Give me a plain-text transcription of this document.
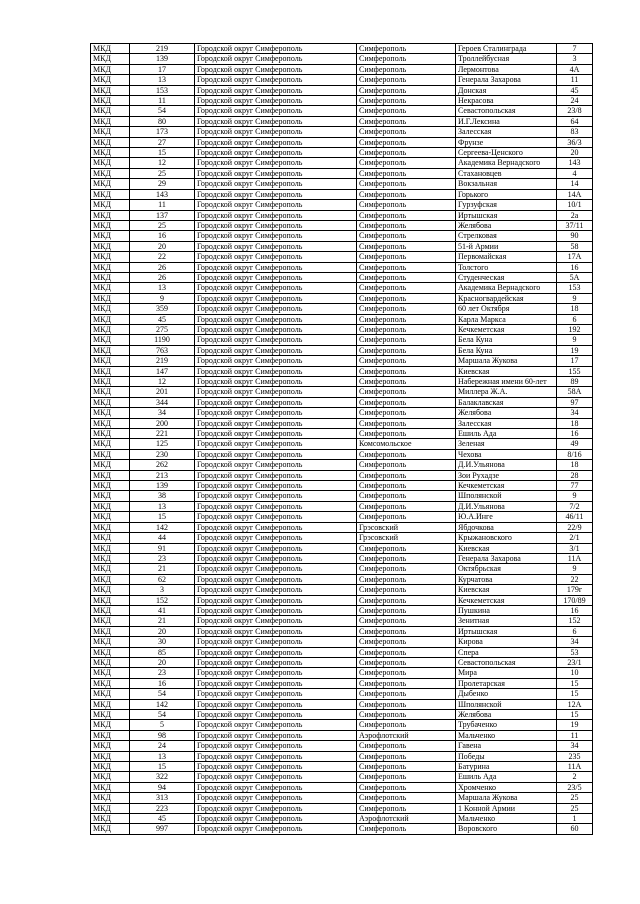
МКД	219	Городской округ Симферополь	Симферополь	Героев Сталинграда	7
МКД	139	Городской округ Симферополь	Симферополь	Троллейбусная	3
МКД	17	Городской округ Симферополь	Симферополь	Лермонтова	4А
МКД	13	Городской округ Симферополь	Симферополь	Генерала Захарова	11
МКД	153	Городской округ Симферополь	Симферополь	Донская	45
МКД	11	Городской округ Симферополь	Симферополь	Некрасова	24
МКД	54	Городской округ Симферополь	Симферополь	Севастопольская	23/8
МКД	80	Городской округ Симферополь	Симферополь	И.Г.Лексина	64
МКД	173	Городской округ Симферополь	Симферополь	Залесская	83
МКД	27	Городской округ Симферополь	Симферополь	Фрунзе	36/3
МКД	15	Городской округ Симферополь	Симферополь	Сергеева-Ценского	20
МКД	12	Городской округ Симферополь	Симферополь	Академика Вернадского	143
МКД	25	Городской округ Симферополь	Симферополь	Стахановцев	4
МКД	29	Городской округ Симферополь	Симферополь	Вокзальная	14
МКД	143	Городской округ Симферополь	Симферополь	Горького	14А
МКД	11	Городской округ Симферополь	Симферополь	Гурзуфская	10/1
МКД	137	Городской округ Симферополь	Симферополь	Иртышская	2а
МКД	25	Городской округ Симферополь	Симферополь	Желябова	37/11
МКД	16	Городской округ Симферополь	Симферополь	Стрелковая	90
МКД	20	Городской округ Симферополь	Симферополь	51-й Армии	58
МКД	22	Городской округ Симферополь	Симферополь	Первомайская	17А
МКД	26	Городской округ Симферополь	Симферополь	Толстого	16
МКД	26	Городской округ Симферополь	Симферополь	Студенческая	5А
МКД	13	Городской округ Симферополь	Симферополь	Академика Вернадского	153
МКД	9	Городской округ Симферополь	Симферополь	Красногвардейская	9
МКД	359	Городской округ Симферополь	Симферополь	60 лет Октября	18
МКД	45	Городской округ Симферополь	Симферополь	Карла Маркса	6
МКД	275	Городской округ Симферополь	Симферополь	Кечкеметская	192
МКД	1190	Городской округ Симферополь	Симферополь	Бела Куна	9
МКД	763	Городской округ Симферополь	Симферополь	Бела Куна	19
МКД	219	Городской округ Симферополь	Симферополь	Маршала Жукова	17
МКД	147	Городской округ Симферополь	Симферополь	Киевская	155
МКД	12	Городской округ Симферополь	Симферополь	Набережная имени 60-лет	89
МКД	201	Городской округ Симферополь	Симферополь	Миллера Ж.А.	58А
МКД	344	Городской округ Симферополь	Симферополь	Балаклавская	97
МКД	34	Городской округ Симферополь	Симферополь	Желябова	34
МКД	200	Городской округ Симферополь	Симферополь	Залесская	18
МКД	221	Городской округ Симферополь	Симферополь	Ешиль Ада	16
МКД	125	Городской округ Симферополь	Комсомольское	Зеленая	49
МКД	230	Городской округ Симферополь	Симферополь	Чехова	8/16
МКД	262	Городской округ Симферополь	Симферополь	Д.И.Ульянова	18
МКД	213	Городской округ Симферополь	Симферополь	Зои Рухадзе	28
МКД	139	Городской округ Симферополь	Симферополь	Кечкеметская	77
МКД	38	Городской округ Симферополь	Симферополь	Шполянской	9
МКД	13	Городской округ Симферополь	Симферополь	Д.И.Ульянова	7/2
МКД	15	Городской округ Симферополь	Симферополь	Ю.А.Инге	46/11
МКД	142	Городской округ Симферополь	Грэсовский	Ябдочкова	22/9
МКД	44	Городской округ Симферополь	Грэсовский	Крыжановского	2/1
МКД	91	Городской округ Симферополь	Симферополь	Киевская	3/1
МКД	23	Городской округ Симферополь	Симферополь	Генерала Захарова	11А
МКД	21	Городской округ Симферополь	Симферополь	Октябрьская	9
МКД	62	Городской округ Симферополь	Симферополь	Курчатова	22
МКД	3	Городской округ Симферополь	Симферополь	Киевская	179г
МКД	152	Городской округ Симферополь	Симферополь	Кечкеметская	170/89
МКД	41	Городской округ Симферополь	Симферополь	Пушкина	16
МКД	21	Городской округ Симферополь	Симферополь	Зенитная	152
МКД	20	Городской округ Симферополь	Симферополь	Иртышская	6
МКД	30	Городской округ Симферополь	Симферополь	Кирова	34
МКД	85	Городской округ Симферополь	Симферополь	Спера	53
МКД	20	Городской округ Симферополь	Симферополь	Севастопольская	23/1
МКД	23	Городской округ Симферополь	Симферополь	Мира	10
МКД	16	Городской округ Симферополь	Симферополь	Пролетарская	15
МКД	54	Городской округ Симферополь	Симферополь	Дыбенко	15
МКД	142	Городской округ Симферополь	Симферополь	Шполянской	12А
МКД	54	Городской округ Симферополь	Симферополь	Желябова	15
МКД	5	Городской округ Симферополь	Симферополь	Трубаченко	19
МКД	98	Городской округ Симферополь	Аэрофлотский	Мальченко	11
МКД	24	Городской округ Симферополь	Симферополь	Гавена	34
МКД	13	Городской округ Симферополь	Симферополь	Победы	235
МКД	15	Городской округ Симферополь	Симферополь	Батурина	11А
МКД	322	Городской округ Симферополь	Симферополь	Ешиль Ада	2
МКД	94	Городской округ Симферополь	Симферополь	Хромченко	23/5
МКД	313	Городской округ Симферополь	Симферополь	Маршала Жукова	25
МКД	223	Городской округ Симферополь	Симферополь	1 Конной Армии	25
МКД	45	Городской округ Симферополь	Аэрофлотский	Мальченко	1
МКД	997	Городской округ Симферополь	Симферополь	Воровского	60
